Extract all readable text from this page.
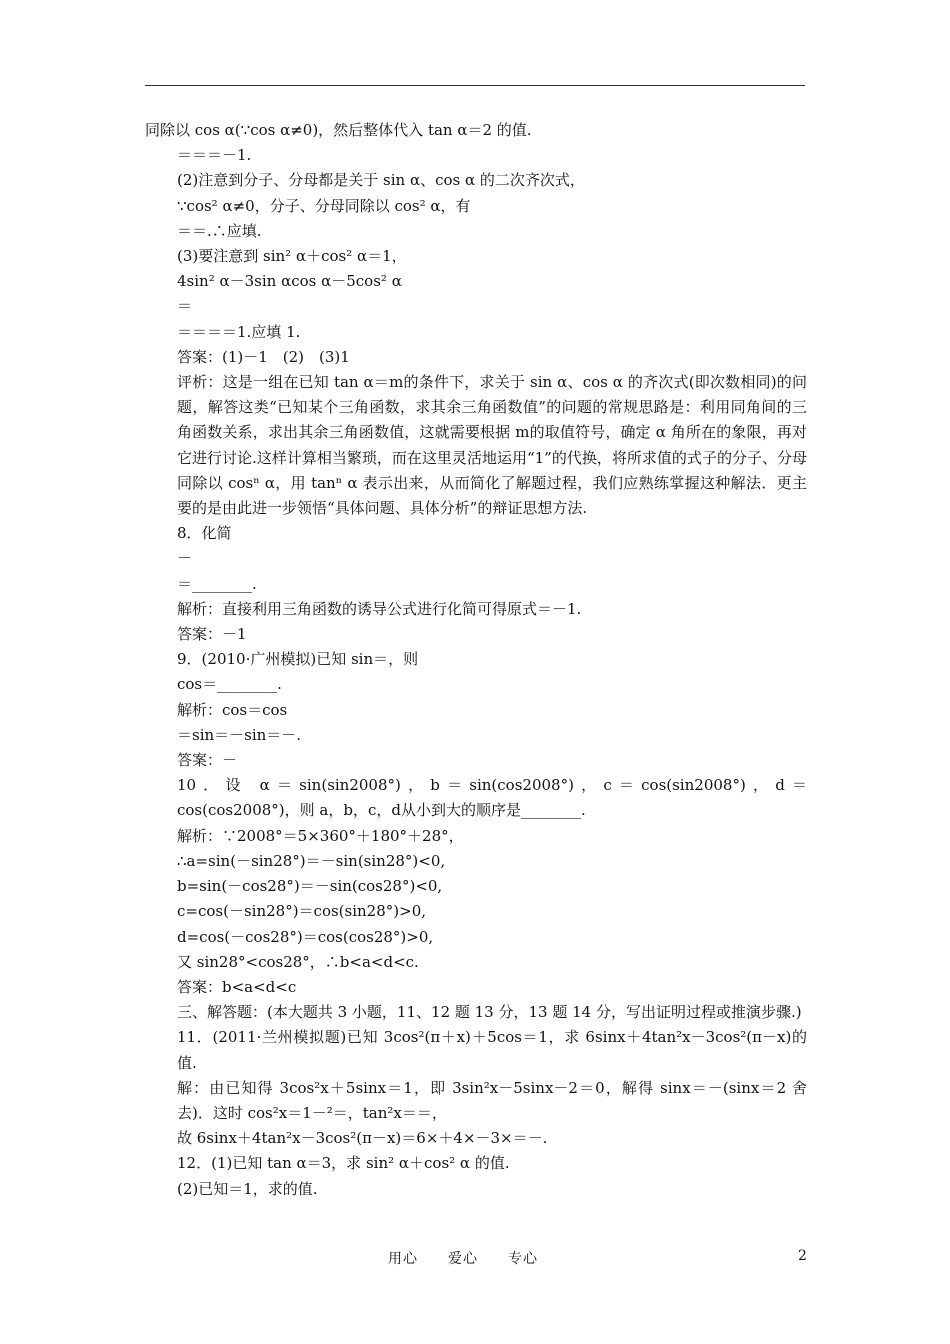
同除以 cos α(∵cos α≠0)，然后整体代入 tan α＝2 的值.
＝＝＝－1.
(2)注意到分子、分母都是关于 sin α、cos α 的二次齐次式，
∵cos² α≠0，分子、分母同除以 cos² α，有
＝＝.∴应填.
(3)要注意到 sin² α＋cos² α＝1，
4sin² α－3sin αcos α－5cos² α
＝
＝＝＝＝1.应填 1.
答案：(1)－1　(2)　(3)1
评析：这是一组在已知 tan α＝m的条件下，求关于 sin α、cos α 的齐次式(即次数相同)的问题，解答这类“已知某个三角函数，求其余三角函数值”的问题的常规思路是：利用同角间的三角函数关系，求出其余三角函数值，这就需要根据 m的取值符号，确定 α 角所在的象限，再对它进行讨论.这样计算相当繁琐，而在这里灵活地运用“1”的代换，将所求值的式子的分子、分母同除以 cosⁿ α，用 tanⁿ α 表示出来，从而简化了解题过程，我们应熟练掌握这种解法．更主要的是由此进一步领悟“具体问题、具体分析”的辩证思想方法.
8．化简
－
＝________.
解析：直接利用三角函数的诱导公式进行化简可得原式＝－1.
答案：－1
9．(2010·广州模拟)已知 sin＝，则
cos＝________.
解析：cos＝cos
＝sin＝－sin＝－.
答案：－
10．设 α＝sin(sin2008°)，b＝sin(cos2008°)，c＝cos(sin2008°)，d＝cos(cos2008°)，则 a，b，c，d从小到大的顺序是________.
解析：∵2008°＝5×360°＋180°＋28°，
∴a=sin(－sin28°)＝－sin(sin28°)<0,
b=sin(－cos28°)＝－sin(cos28°)<0,
c=cos(－sin28°)＝cos(sin28°)>0,
d=cos(－cos28°)＝cos(cos28°)>0,
又 sin28°<cos28°，∴b<a<d<c.
答案：b<a<d<c
三、解答题：(本大题共 3 小题，11、12 题 13 分，13 题 14 分，写出证明过程或推演步骤.)
11．(2011·兰州模拟题)已知 3cos²(π＋x)＋5cos＝1，求 6sinx＋4tan²x－3cos²(π－x)的值.
解：由已知得 3cos²x＋5sinx＝1，即 3sin²x－5sinx－2＝0，解得 sinx＝－(sinx＝2 舍去)．这时 cos²x＝1－²＝，tan²x＝＝，
故 6sinx＋4tan²x－3cos²(π－x)＝6×＋4×－3×＝－.
12．(1)已知 tan α＝3，求 sin² α＋cos² α 的值.
(2)已知＝1，求的值.
用心　　爱心　　专心	2
